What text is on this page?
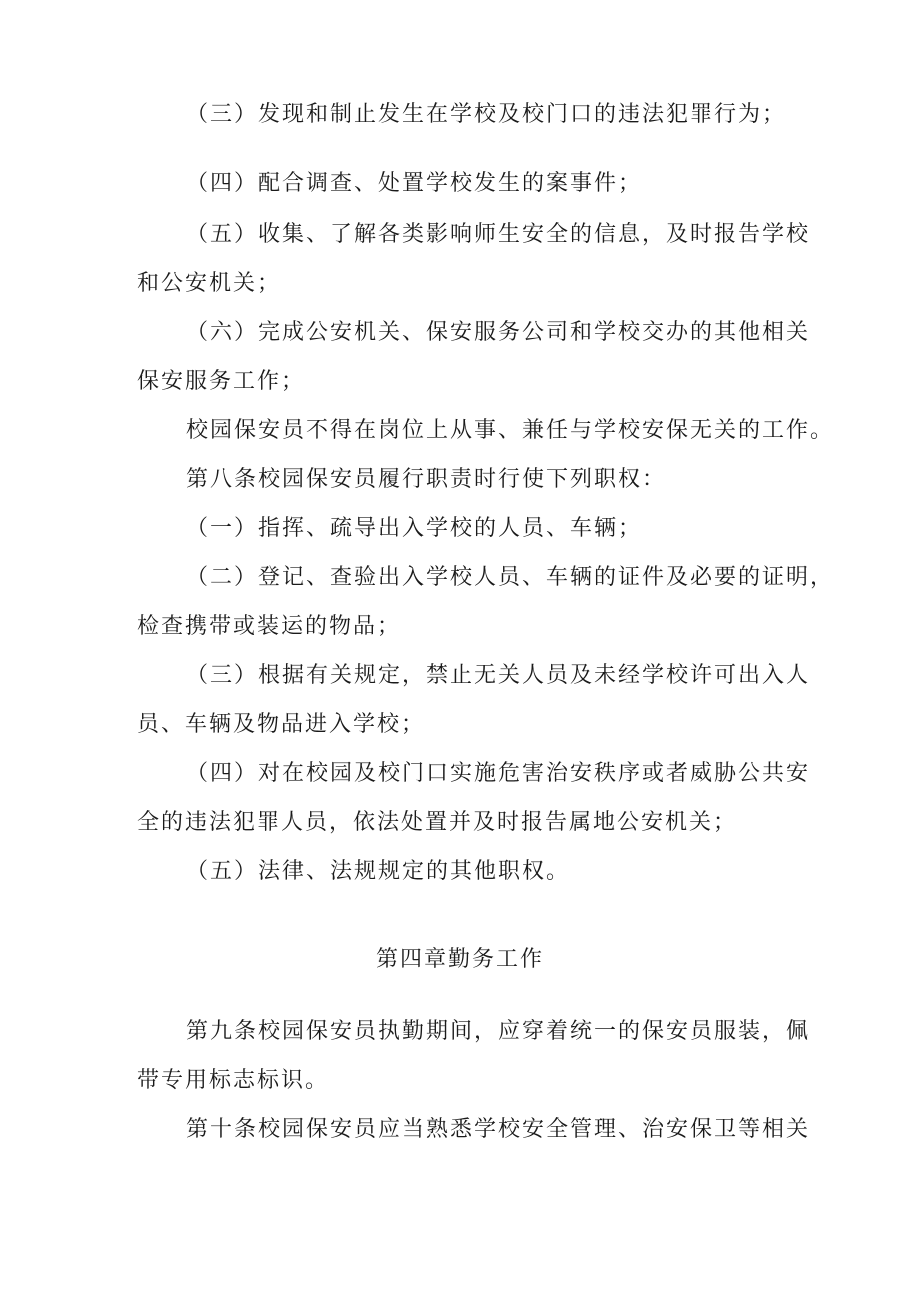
（三）发现和制止发生在学校及校门口的违法犯罪行为；
（四）配合调查、处置学校发生的案事件；
（五）收集、了解各类影响师生安全的信息，及时报告学校
和公安机关；
（六）完成公安机关、保安服务公司和学校交办的其他相关
保安服务工作；
校园保安员不得在岗位上从事、兼任与学校安保无关的工作。
第八条校园保安员履行职责时行使下列职权：
（一）指挥、疏导出入学校的人员、车辆；
（二）登记、查验出入学校人员、车辆的证件及必要的证明，
检查携带或装运的物品；
（三）根据有关规定，禁止无关人员及未经学校许可出入人
员、车辆及物品进入学校；
（四）对在校园及校门口实施危害治安秩序或者威胁公共安
全的违法犯罪人员，依法处置并及时报告属地公安机关；
（五）法律、法规规定的其他职权。
第四章勤务工作
第九条校园保安员执勤期间，应穿着统一的保安员服装，佩
带专用标志标识。
第十条校园保安员应当熟悉学校安全管理、治安保卫等相关
